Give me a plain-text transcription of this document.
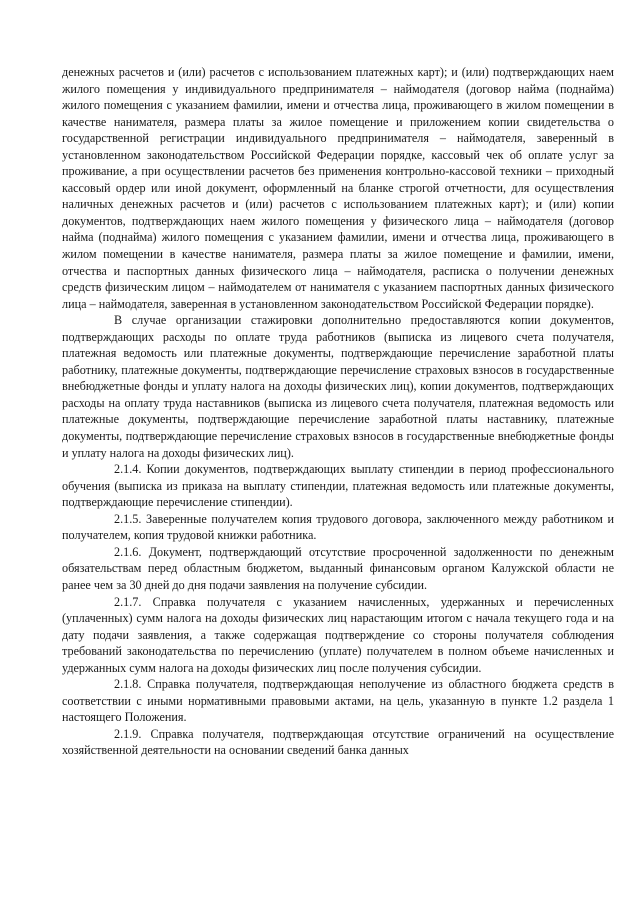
денежных расчетов и (или) расчетов с использованием платежных карт); и (или) подтверждающих наем жилого помещения у индивидуального предпринимателя – наймодателя (договор найма (поднайма) жилого помещения с указанием фамилии, имени и отчества лица, проживающего в жилом помещении в качестве нанимателя, размера платы за жилое помещение и приложением копии свидетельства о государственной регистрации индивидуального предпринимателя – наймодателя, заверенный в установленном законодательством Российской Федерации порядке, кассовый чек об оплате услуг за проживание, а при осуществлении расчетов без применения контрольно-кассовой техники – приходный кассовый ордер или иной документ, оформленный на бланке строгой отчетности, для осуществления наличных денежных расчетов и (или) расчетов с использованием платежных карт); и (или) копии документов, подтверждающих наем жилого помещения у физического лица – наймодателя (договор найма (поднайма) жилого помещения с указанием фамилии, имени и отчества лица, проживающего в жилом помещении в качестве нанимателя, размера платы за жилое помещение и фамилии, имени, отчества и паспортных данных физического лица – наймодателя, расписка о получении денежных средств физическим лицом – наймодателем от нанимателя с указанием паспортных данных физического лица – наймодателя, заверенная в установленном законодательством Российской Федерации порядке).

В случае организации стажировки дополнительно предоставляются копии документов, подтверждающих расходы по оплате труда работников (выписка из лицевого счета получателя, платежная ведомость или платежные документы, подтверждающие перечисление заработной платы работнику, платежные документы, подтверждающие перечисление страховых взносов в государственные внебюджетные фонды и уплату налога на доходы физических лиц), копии документов, подтверждающих расходы на оплату труда наставников (выписка из лицевого счета получателя, платежная ведомость или платежные документы, подтверждающие перечисление заработной платы наставнику, платежные документы, подтверждающие перечисление страховых взносов в государственные внебюджетные фонды и уплату налога на доходы физических лиц).

2.1.4. Копии документов, подтверждающих выплату стипендии в период профессионального обучения (выписка из приказа на выплату стипендии, платежная ведомость или платежные документы, подтверждающие перечисление стипендии).

2.1.5. Заверенные получателем копия трудового договора, заключенного между работником и получателем, копия трудовой книжки работника.

2.1.6. Документ, подтверждающий отсутствие просроченной задолженности по денежным обязательствам перед областным бюджетом, выданный финансовым органом Калужской области не ранее чем за 30 дней до дня подачи заявления на получение субсидии.

2.1.7. Справка получателя с указанием начисленных, удержанных и перечисленных (уплаченных) сумм налога на доходы физических лиц нарастающим итогом с начала текущего года и на дату подачи заявления, а также содержащая подтверждение со стороны получателя соблюдения требований законодательства по перечислению (уплате) получателем в полном объеме начисленных и удержанных сумм налога на доходы физических лиц после получения субсидии.

2.1.8. Справка получателя, подтверждающая неполучение из областного бюджета средств в соответствии с иными нормативными правовыми актами, на цель, указанную в пункте 1.2 раздела 1 настоящего Положения.

2.1.9. Справка получателя, подтверждающая отсутствие ограничений на осуществление хозяйственной деятельности на основании сведений банка данных
